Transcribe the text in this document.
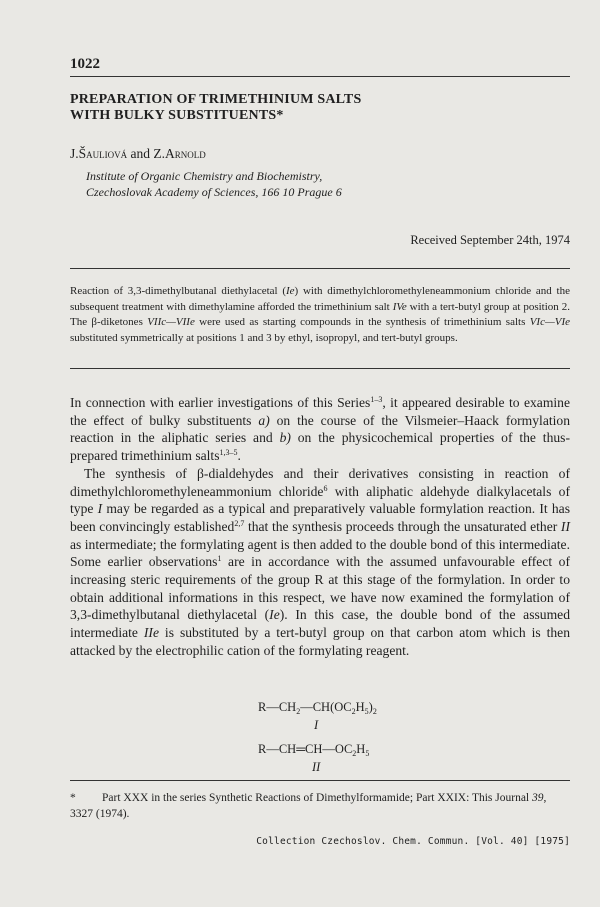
1022
PREPARATION OF TRIMETHINIUM SALTS
WITH BULKY SUBSTITUENTS*
J.Šauliová and Z.Arnold
Institute of Organic Chemistry and Biochemistry,
Czechoslovak Academy of Sciences, 166 10 Prague 6
Received September 24th, 1974
Reaction of 3,3-dimethylbutanal diethylacetal (Ie) with dimethylchloromethyleneammonium chloride and the subsequent treatment with dimethylamine afforded the trimethinium salt IVe with a tert-butyl group at position 2. The β-diketones VIIc—VIIe were used as starting compounds in the synthesis of trimethinium salts VIc—VIe substituted symmetrically at positions 1 and 3 by ethyl, isopropyl, and tert-butyl groups.

In connection with earlier investigations of this Series$^{1-3}$, it appeared desirable to examine the effect of bulky substituents a) on the course of the Vilsmeier–Haack formylation reaction in the aliphatic series and b) on the physicochemical properties of the thus-prepared trimethinium salts$^{1,3-5}$.

The synthesis of β-dialdehydes and their derivatives consisting in reaction of dimethylchloromethyleneammonium chloride$^6$ with aliphatic aldehyde dialkylacetals of type I may be regarded as a typical and preparatively valuable formylation reaction. It has been convincingly established$^{2,7}$ that the synthesis proceeds through the unsaturated ether II as intermediate; the formylating agent is then added to the double bond of this intermediate. Some earlier observations$^1$ are in accordance with the assumed unfavourable effect of increasing steric requirements of the group R at this stage of the formylation. In order to obtain additional informations in this respect, we have now examined the formylation of 3,3-dimethylbutanal diethylacetal (Ie). In this case, the double bond of the assumed intermediate IIe is substituted by a tert-butyl group on that carbon atom which is then attacked by the electrophilic cation of the formylating reagent.

$R—CH_2—CH(OC_2H_5)_2$
I
$R—CH═CH—OC_2H_5$
II
* Part XXX in the series Synthetic Reactions of Dimethylformamide; Part XXIX: This Journal 39, 3327 (1974).
Collection Czechoslov. Chem. Commun. [Vol. 40] [1975]
